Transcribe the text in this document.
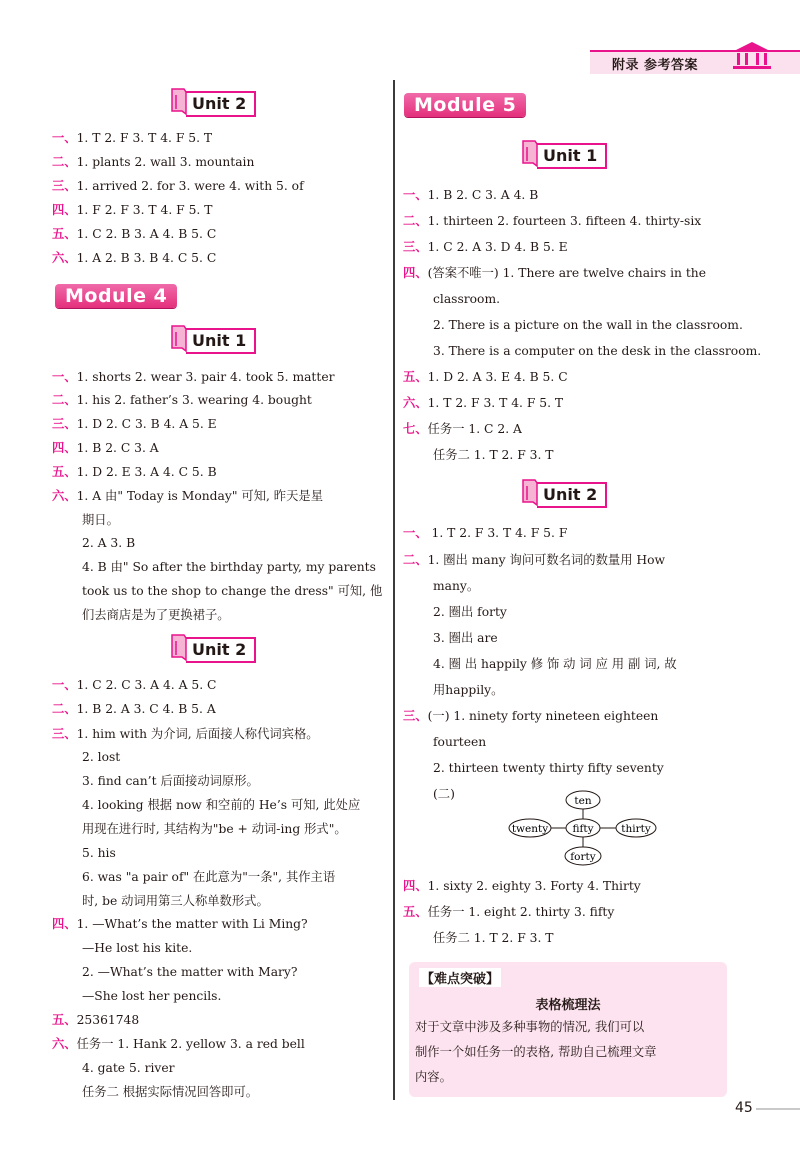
附录 参考答案
Unit 2
Module 4
Unit 1
Unit 2
Module 5
Unit 1
Unit 2
ten
twenty fifty	thirty
forty
【难点突破】
表格梳理法
对于文章中涉及多种事物的情况, 我们可以
制作一个如任务一的表格, 帮助自己梳理文章
内容。
45
一、1. T 2. F 3. T 4. F 5. T
二、1. plants 2. wall 3. mountain
三、1. arrived 2. for 3. were 4. with 5. of
四、1. F 2. F 3. T 4. F 5. T
五、1. C 2. B 3. A 4. B 5. C
六、1. A 2. B 3. B 4. C 5. C
一、1. shorts 2. wear 3. pair 4. took 5. matter
二、1. his 2. father’s 3. wearing 4. bought
三、1. D 2. C 3. B 4. A 5. E
四、1. B 2. C 3. A
五、1. D 2. E 3. A 4. C 5. B
六、1. A 由" Today is Monday" 可知, 昨天是星
期日。
2. A 3. B
4. B 由" So after the birthday party, my parents
took us to the shop to change the dress" 可知, 他
们去商店是为了更换裙子。
一、1. C 2. C 3. A 4. A 5. C
二、1. B 2. A 3. C 4. B 5. A
三、1. him with 为介词, 后面接人称代词宾格。
2. lost
3. find can’t 后面接动词原形。
4. looking 根据 now 和空前的 He’s 可知, 此处应
用现在进行时, 其结构为"be + 动词-ing 形式"。
5. his
6. was "a pair of" 在此意为"一条", 其作主语
时, be 动词用第三人称单数形式。
四、1. —What’s the matter with Li Ming?
—He lost his kite.
2. —What’s the matter with Mary?
—She lost her pencils.
五、25361748
六、任务一 1. Hank 2. yellow 3. a red bell
4. gate 5. river
任务二 根据实际情况回答即可。
一、1. B 2. C 3. A 4. B
二、1. thirteen 2. fourteen 3. fifteen 4. thirty-six
三、1. C 2. A 3. D 4. B 5. E
四、(答案不唯一) 1. There are twelve chairs in the
classroom.
2. There is a picture on the wall in the classroom.
3. There is a computer on the desk in the classroom.
五、1. D 2. A 3. E 4. B 5. C
六、1. T 2. F 3. T 4. F 5. T
七、任务一 1. C 2. A
任务二 1. T 2. F 3. T
一、 1. T 2. F 3. T 4. F 5. F
二、1. 圈出 many 询问可数名词的数量用 How
many。
2. 圈出 forty
3. 圈出 are
4. 圈 出 happily 修 饰 动 词 应 用 副 词, 故
用happily。
三、(一) 1. ninety forty nineteen eighteen
fourteen
2. thirteen twenty thirty fifty seventy
(二)
四、1. sixty 2. eighty 3. Forty 4. Thirty
五、任务一 1. eight 2. thirty 3. fifty
任务二 1. T 2. F 3. T
